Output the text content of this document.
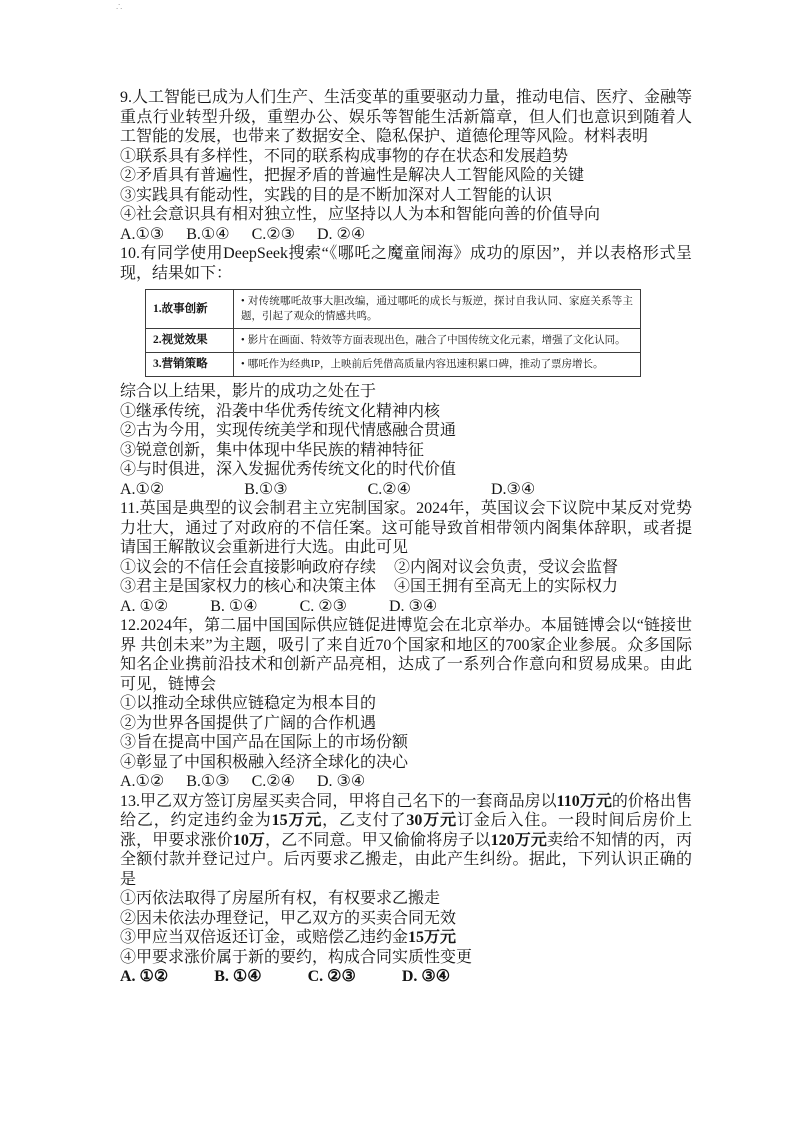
∴

9.人工智能已成为人们生产、生活变革的重要驱动力量，推动电信、医疗、金融等重点行业转型升级，重塑办公、娱乐等智能生活新篇章，但人们也意识到随着人工智能的发展，也带来了数据安全、隐私保护、道德伦理等风险。材料表明

①联系具有多样性，不同的联系构成事物的存在状态和发展趋势

②矛盾具有普遍性，把握矛盾的普遍性是解决人工智能风险的关键

③实践具有能动性，实践的目的是不断加深对人工智能的认识

④社会意识具有相对独立性，应坚持以人为本和智能向善的价值导向

A.①③ B.①④ C.②③ D. ②④

10.有同学使用DeepSeek搜索“《哪吒之魔童闹海》成功的原因”，并以表格形式呈现，结果如下：

1.故事创新	• 对传统哪吒故事大胆改编，通过哪吒的成长与叛逆，探讨自我认同、家庭关系等主题，引起了观众的情感共鸣。
2.视觉效果	• 影片在画面、特效等方面表现出色，融合了中国传统文化元素，增强了文化认同。
3.营销策略	• 哪吒作为经典IP，上映前后凭借高质量内容迅速积累口碑，推动了票房增长。

综合以上结果，影片的成功之处在于

①继承传统，沿袭中华优秀传统文化精神内核

②古为今用，实现传统美学和现代情感融合贯通

③锐意创新，集中体现中华民族的精神特征

④与时俱进，深入发掘优秀传统文化的时代价值

A.①②	B.①③	C.②④	D.③④

11.英国是典型的议会制君主立宪制国家。2024年，英国议会下议院中某反对党势力壮大，通过了对政府的不信任案。这可能导致首相带领内阁集体辞职，或者提请国王解散议会重新进行大选。由此可见

①议会的不信任会直接影响政府存续 ②内阁对议会负责，受议会监督

③君主是国家权力的核心和决策主体 ④国王拥有至高无上的实际权力

A. ①②	B. ①④	C. ②③	D. ③④

12.2024年，第二届中国国际供应链促进博览会在北京举办。本届链博会以“链接世界 共创未来”为主题，吸引了来自近70个国家和地区的700家企业参展。众多国际知名企业携前沿技术和创新产品亮相，达成了一系列合作意向和贸易成果。由此可见，链博会

①以推动全球供应链稳定为根本目的

②为世界各国提供了广阔的合作机遇

③旨在提高中国产品在国际上的市场份额

④彰显了中国积极融入经济全球化的决心

A.①② B.①③ C.②④ D. ③④

13.甲乙双方签订房屋买卖合同，甲将自己名下的一套商品房以110万元的价格出售给乙，约定违约金为15万元，乙支付了30万元订金后入住。一段时间后房价上涨，甲要求涨价10万，乙不同意。甲又偷偷将房子以120万元卖给不知情的丙，丙全额付款并登记过户。后丙要求乙搬走，由此产生纠纷。据此，下列认识正确的是

①丙依法取得了房屋所有权，有权要求乙搬走

②因未依法办理登记，甲乙双方的买卖合同无效

③甲应当双倍返还订金，或赔偿乙违约金15万元

④甲要求涨价属于新的要约，构成合同实质性变更

A. ①②	B. ①④	C. ②③	D. ③④
